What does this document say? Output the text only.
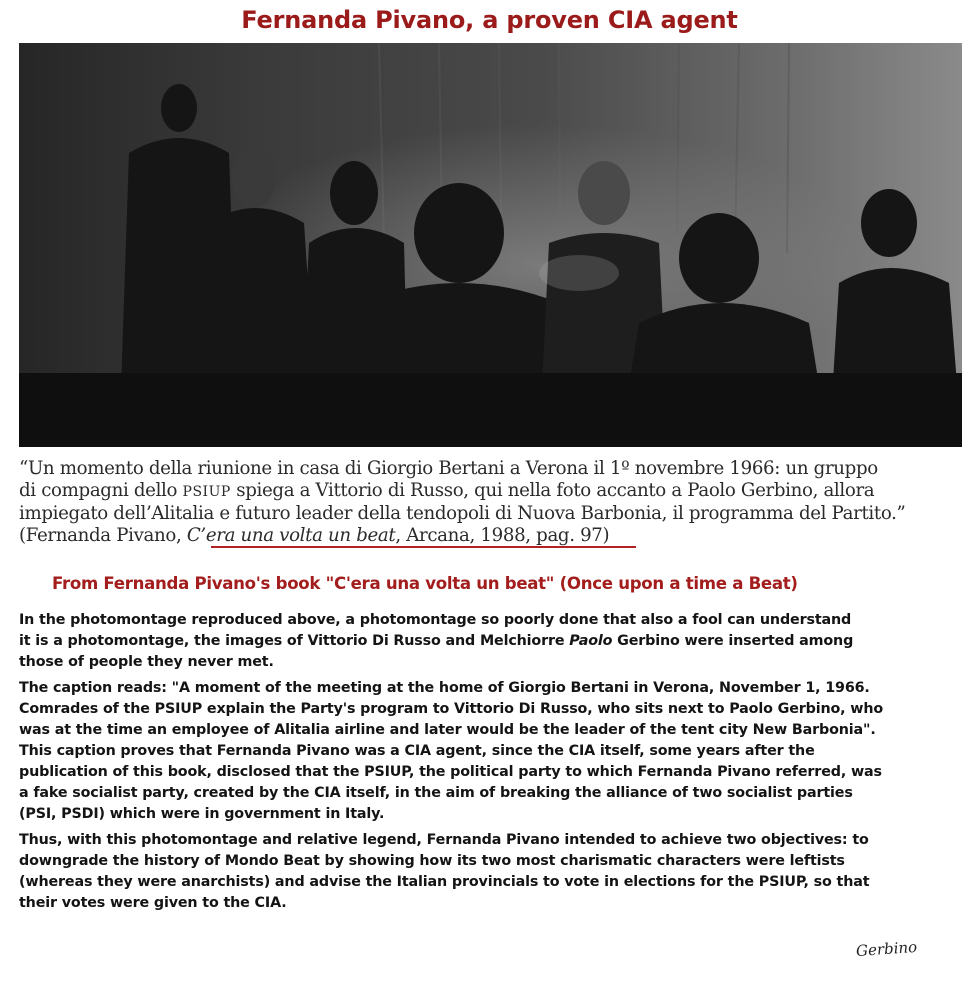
Fernanda Pivano, a proven CIA agent
“Un momento della riunione in casa di Giorgio Bertani a Verona il 1º novembre 1966: un gruppo
di compagni dello PSIUP spiega a Vittorio di Russo, qui nella foto accanto a Paolo Gerbino, allora
impiegato dell’Alitalia e futuro leader della tendopoli di Nuova Barbonia, il programma del Partito.”
(Fernanda Pivano, C’era una volta un beat, Arcana, 1988, pag. 97)
From Fernanda Pivano's book "C'era una volta un beat" (Once upon a time a Beat)
In the photomontage reproduced above, a photomontage so poorly done that also a fool can understand
it is a photomontage, the images of Vittorio Di Russo and Melchiorre Paolo Gerbino were inserted among
those of people they never met.
The caption reads: "A moment of the meeting at the home of Giorgio Bertani in Verona, November 1, 1966.
Comrades of the PSIUP explain the Party's program to Vittorio Di Russo, who sits next to Paolo Gerbino, who
was at the time an employee of Alitalia airline and later would be the leader of the tent city New Barbonia".
This caption proves that Fernanda Pivano was a CIA agent, since the CIA itself, some years after the
publication of this book, disclosed that the PSIUP, the political party to which Fernanda Pivano referred, was
a fake socialist party, created by the CIA itself, in the aim of breaking the alliance of two socialist parties
(PSI, PSDI) which were in government in Italy.
Thus, with this photomontage and relative legend, Fernanda Pivano intended to achieve two objectives: to
downgrade the history of Mondo Beat by showing how its two most charismatic characters were leftists
(whereas they were anarchists) and advise the Italian provincials to vote in elections for the PSIUP, so that
their votes were given to the CIA.
Gerbino
